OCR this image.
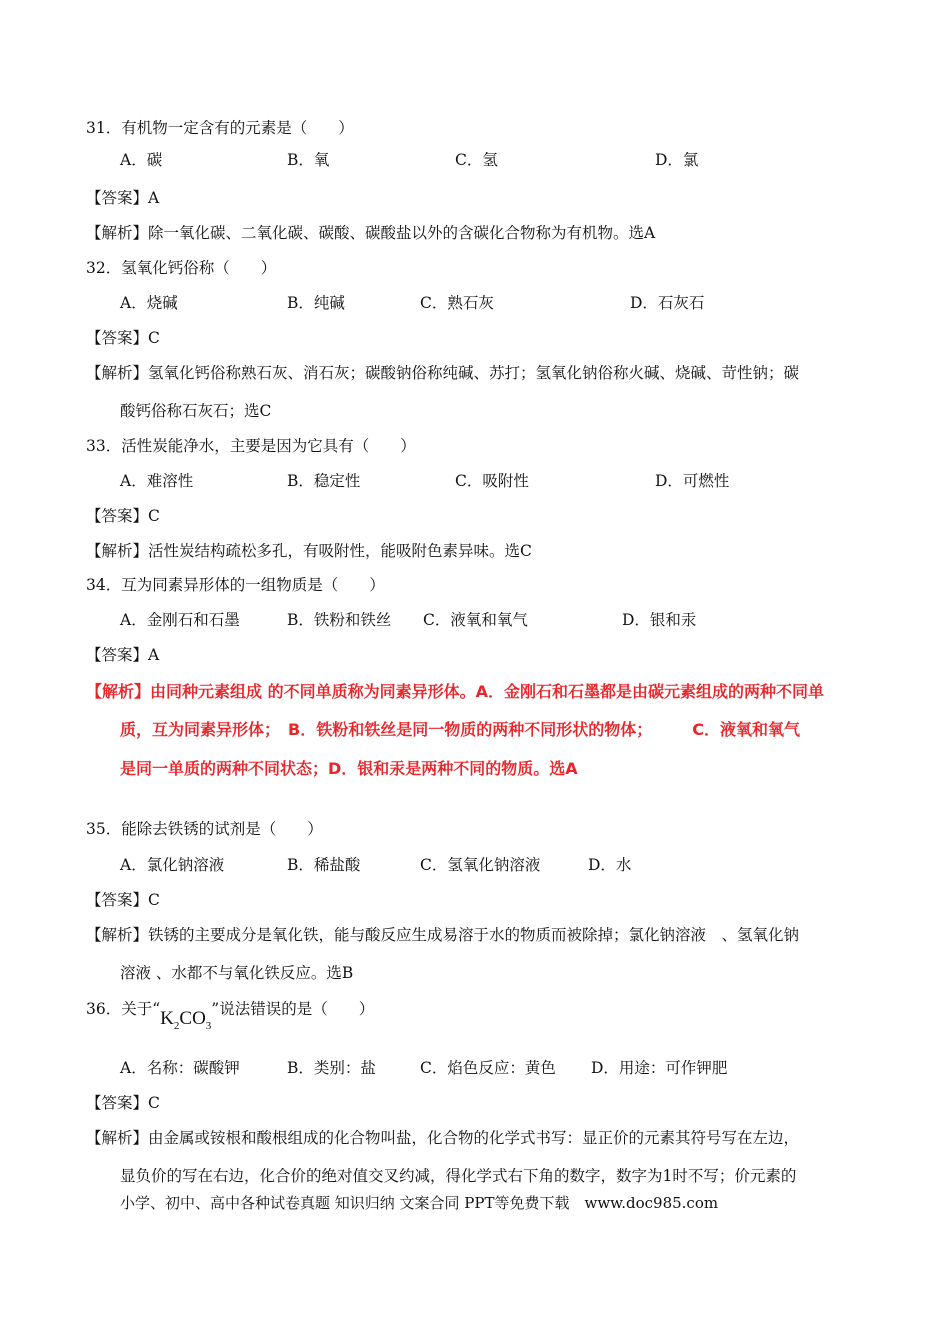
31．有机物一定含有的元素是（　　）
A．碳	B．氧	C．氢	D．氯
【答案】A
【解析】除一氧化碳、二氧化碳、碳酸、碳酸盐以外的含碳化合物称为有机物。选A
32．氢氧化钙俗称（　　）
A．烧碱	B．纯碱	C．熟石灰	D．石灰石
【答案】C
【解析】氢氧化钙俗称熟石灰、消石灰；碳酸钠俗称纯碱、苏打；氢氧化钠俗称火碱、烧碱、苛性钠；碳
酸钙俗称石灰石；选C
33．活性炭能净水，主要是因为它具有（　　）
A．难溶性	B．稳定性	C．吸附性	D．可燃性
【答案】C
【解析】活性炭结构疏松多孔，有吸附性，能吸附色素异味。选C
34．互为同素异形体的一组物质是（　　）
A．金刚石和石墨	B．铁粉和铁丝 C．液氧和氧气	D．银和汞
【答案】A
【解析】由同种元素组成 的不同单质称为同素异形体。A．金刚石和石墨都是由碳元素组成的两种不同单
质，互为同素异形体；　B．铁粉和铁丝是同一物质的两种不同形状的物体；　　　C．液氧和氧气
是同一单质的两种不同状态；D．银和汞是两种不同的物质。选A
35．能除去铁锈的试剂是（　　）
A．氯化钠溶液	B．稀盐酸	C．氢氧化钠溶液	D．水
【答案】C
【解析】铁锈的主要成分是氧化铁，能与酸反应生成易溶于水的物质而被除掉；氯化钠溶液　、氢氧化钠
溶液 、水都不与氧化铁反应。选B
36．关于“$K_2CO_3$”说法错误的是（　　）
A．名称：碳酸钾	B．类别：盐	C．焰色反应：黄色 D．用途：可作钾肥
【答案】C
【解析】由金属或铵根和酸根组成的化合物叫盐，化合物的化学式书写：显正价的元素其符号写在左边，
显负价的写在右边，化合价的绝对值交叉约减，得化学式右下角的数字，数字为1时不写；价元素的
小学、初中、高中各种试卷真题 知识归纳 文案合同 PPT等免费下载　www.doc985.com
